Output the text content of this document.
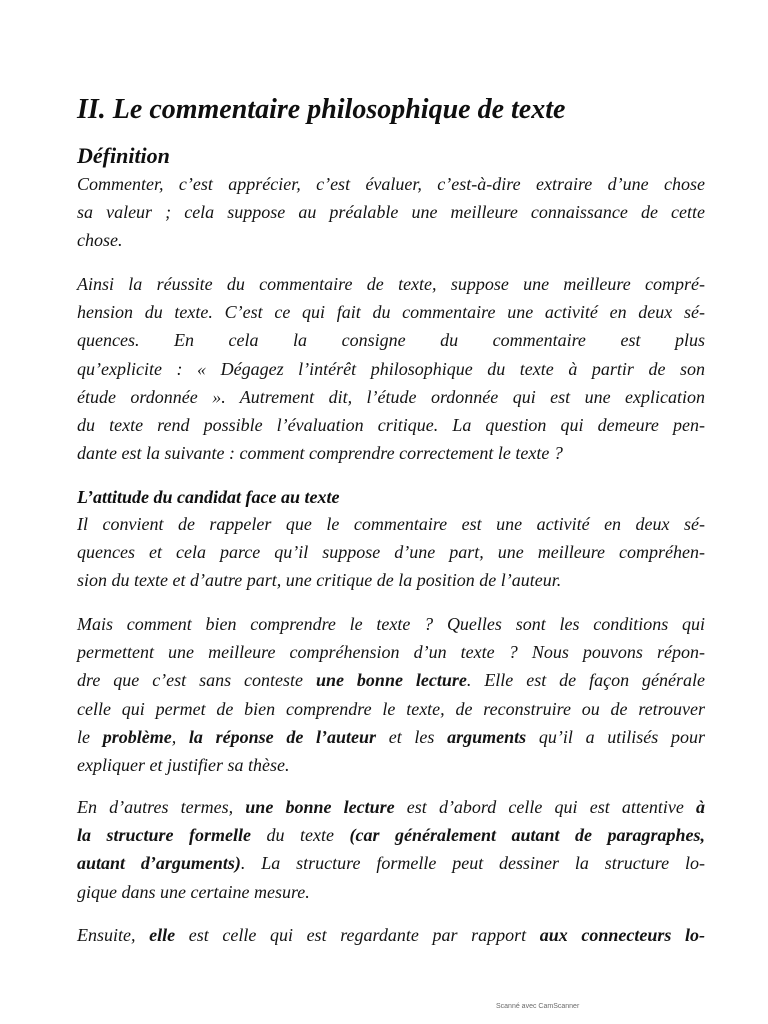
II. Le commentaire philosophique de texte
Définition

Commenter, c’est apprécier, c’est évaluer, c’est-à-dire extraire d’une chose
sa valeur ; cela suppose au préalable une meilleure connaissance de cette
chose.

Ainsi la réussite du commentaire de texte, suppose une meilleure compré-
hension du texte. C’est ce qui fait du commentaire une activité en deux sé-
quences. En cela la consigne du commentaire est plus
qu’explicite : « Dégagez l’intérêt philosophique du texte à partir de son
étude ordonnée ». Autrement dit, l’étude ordonnée qui est une explication
du texte rend possible l’évaluation critique. La question qui demeure pen-
dante est la suivante : comment comprendre correctement le texte ?

L’attitude du candidat face au texte

Il convient de rappeler que le commentaire est une activité en deux sé-
quences et cela parce qu’il suppose d’une part, une meilleure compréhen-
sion du texte et d’autre part, une critique de la position de l’auteur.

Mais comment bien comprendre le texte ? Quelles sont les conditions qui
permettent une meilleure compréhension d’un texte ? Nous pouvons répon-
dre que c’est sans conteste une bonne lecture. Elle est de façon générale
celle qui permet de bien comprendre le texte, de reconstruire ou de retrouver
le problème, la réponse de l’auteur et les arguments qu’il a utilisés pour
expliquer et justifier sa thèse.

En d’autres termes, une bonne lecture est d’abord celle qui est attentive à
la structure formelle du texte (car généralement autant de paragraphes,
autant d’arguments). La structure formelle peut dessiner la structure lo-
gique dans une certaine mesure.

Ensuite, elle est celle qui est regardante par rapport aux connecteurs lo-

Scanné avec CamScanner
